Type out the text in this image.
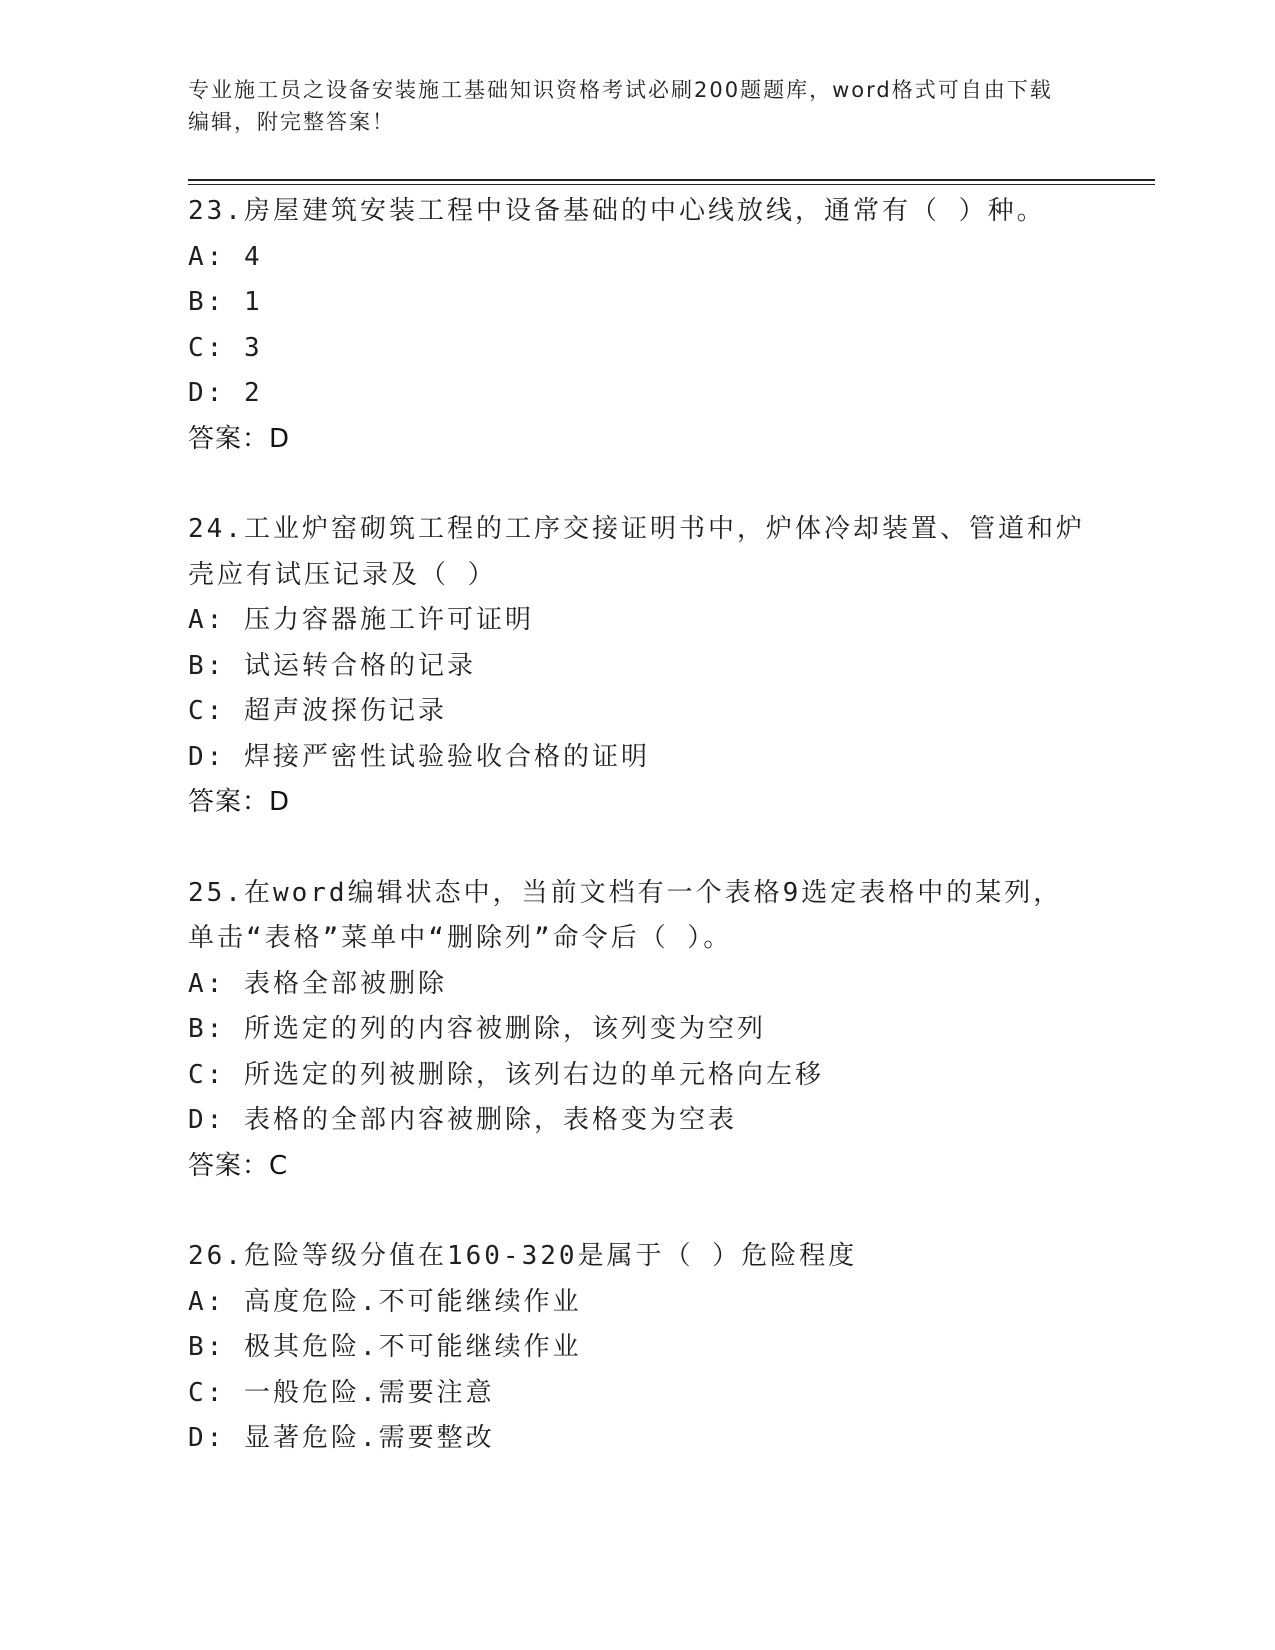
专业施工员之设备安装施工基础知识资格考试必刷200题题库，word格式可自由下载编辑，附完整答案！
23.房屋建筑安装工程中设备基础的中心线放线，通常有（ ）种。
A: 4
B: 1
C: 3
D: 2
答案：D
24.工业炉窑砌筑工程的工序交接证明书中，炉体冷却装置、管道和炉壳应有试压记录及（ ）
A: 压力容器施工许可证明
B: 试运转合格的记录
C: 超声波探伤记录
D: 焊接严密性试验验收合格的证明
答案：D
25.在word编辑状态中，当前文档有一个表格9选定表格中的某列，单击“表格”菜单中“删除列”命令后（ ）。
A: 表格全部被删除
B: 所选定的列的内容被删除，该列变为空列
C: 所选定的列被删除，该列右边的单元格向左移
D: 表格的全部内容被删除，表格变为空表
答案：C
26.危险等级分值在160-320是属于（ ）危险程度
A: 高度危险.不可能继续作业
B: 极其危险.不可能继续作业
C: 一般危险.需要注意
D: 显著危险.需要整改
